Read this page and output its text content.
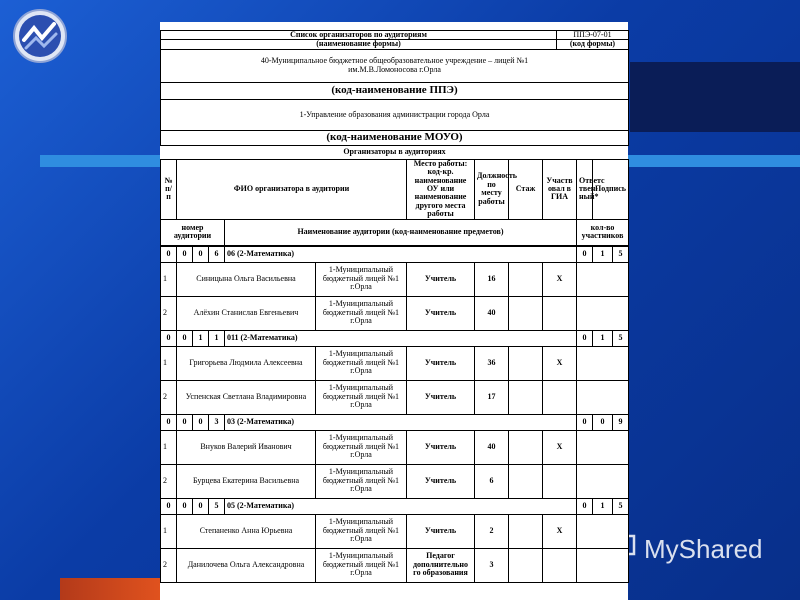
MyShared

Список организаторов по аудиториям	ППЭ-07-01
(наименование формы)	(код формы)

40-Муниципальное бюджетное общеобразовательное учреждение – лицей №1
им.М.В.Ломоносова г.Орла	

(код-наименование ППЭ)	
1-Управление образования администрации города Орла	
(код-наименование МОУО)	
Организаторы в аудиториях	
№ п/п	ФИО организатора в аудитории		Место работы: код-кр. наименование ОУ или наименование другого места работы	Должность по месту работы	Стаж	Участв овал в ГИА	Ответс твен-ный*	Подпись
номер аудитории		Наименование аудитории (код-наименование предметов)					кол-во участников	
0	0	0	6	06 (2-Математика)						0	1	5
1	Синицына Ольга Васильевна				1-Муниципальный бюджетный лицей №1 г.Орла	Учитель	16		Х			
2	Алёхин Станислав Евгеньевич				1-Муниципальный бюджетный лицей №1 г.Орла	Учитель	40					
0	0	1	1	011 (2-Математика)						0	1	5
1	Григорьева Людмила Алексеевна				1-Муниципальный бюджетный лицей №1 г.Орла	Учитель	36		Х			
2	Успенская Светлана Владимировна				1-Муниципальный бюджетный лицей №1 г.Орла	Учитель	17					
0	0	0	3	03 (2-Математика)						0	0	9
1	Внуков Валерий Иванович				1-Муниципальный бюджетный лицей №1 г.Орла	Учитель	40		Х			
2	Бурцева Екатерина Васильевна				1-Муниципальный бюджетный лицей №1 г.Орла	Учитель	6					
0	0	0	5	05 (2-Математика)						0	1	5
1	Степаненко Анна Юрьевна				1-Муниципальный бюджетный лицей №1 г.Орла	Учитель	2		Х			
2	Данилочева Ольга Александровна				1-Муниципальный бюджетный лицей №1 г.Орла	Педагог дополнительно го образования	3					
